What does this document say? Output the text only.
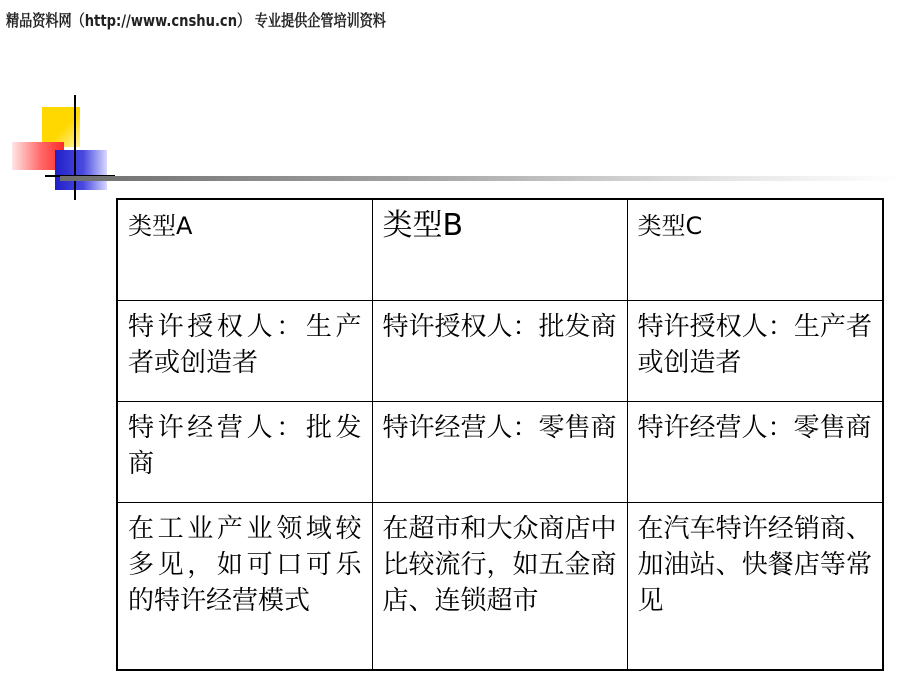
精品资料网（http://www.cnshu.cn） 专业提供企管培训资料
类型A	类型B	类型C
特许授权人：生产者或创造者	特许授权人：批发商	特许授权人：生产者或创造者
特许经营人：批发商	特许经营人：零售商	特许经营人：零售商
在工业产业领域较多见，如可口可乐的特许经营模式	在超市和大众商店中比较流行，如五金商店、连锁超市	在汽车特许经销商、加油站、快餐店等常见
